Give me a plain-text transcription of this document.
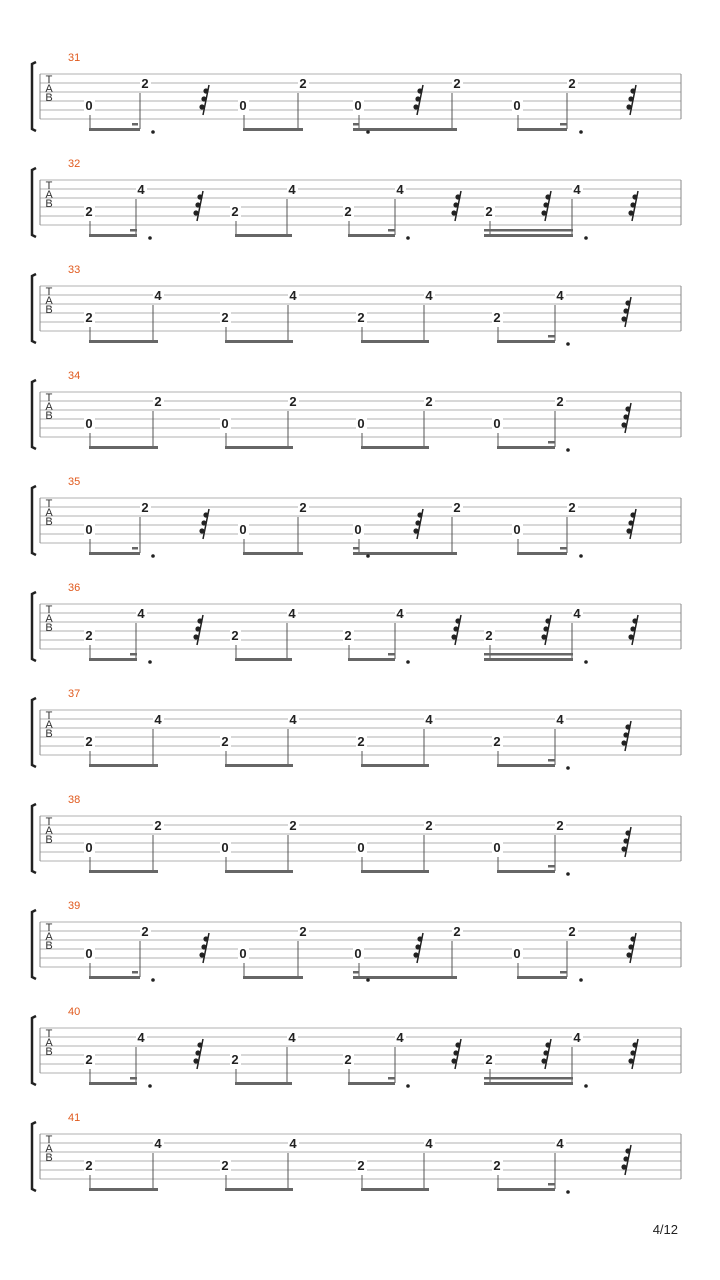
T
A
B
31
0
2
0
2
0
2
0
2
T
A
B
32
2
4
2
4
2
4
2
4
T
A
B
33
2
4
2
4
2
4
2
4
T
A
B
34
0
2
0
2
0
2
0
2
T
A
B
35
0
2
0
2
0
2
0
2
T
A
B
36
2
4
2
4
2
4
2
4
T
A
B
37
2
4
2
4
2
4
2
4
T
A
B
38
0
2
0
2
0
2
0
2
T
A
B
39
0
2
0
2
0
2
0
2
T
A
B
40
2
4
2
4
2
4
2
4
T
A
B
41
2
4
2
4
2
4
2
4
4/12
